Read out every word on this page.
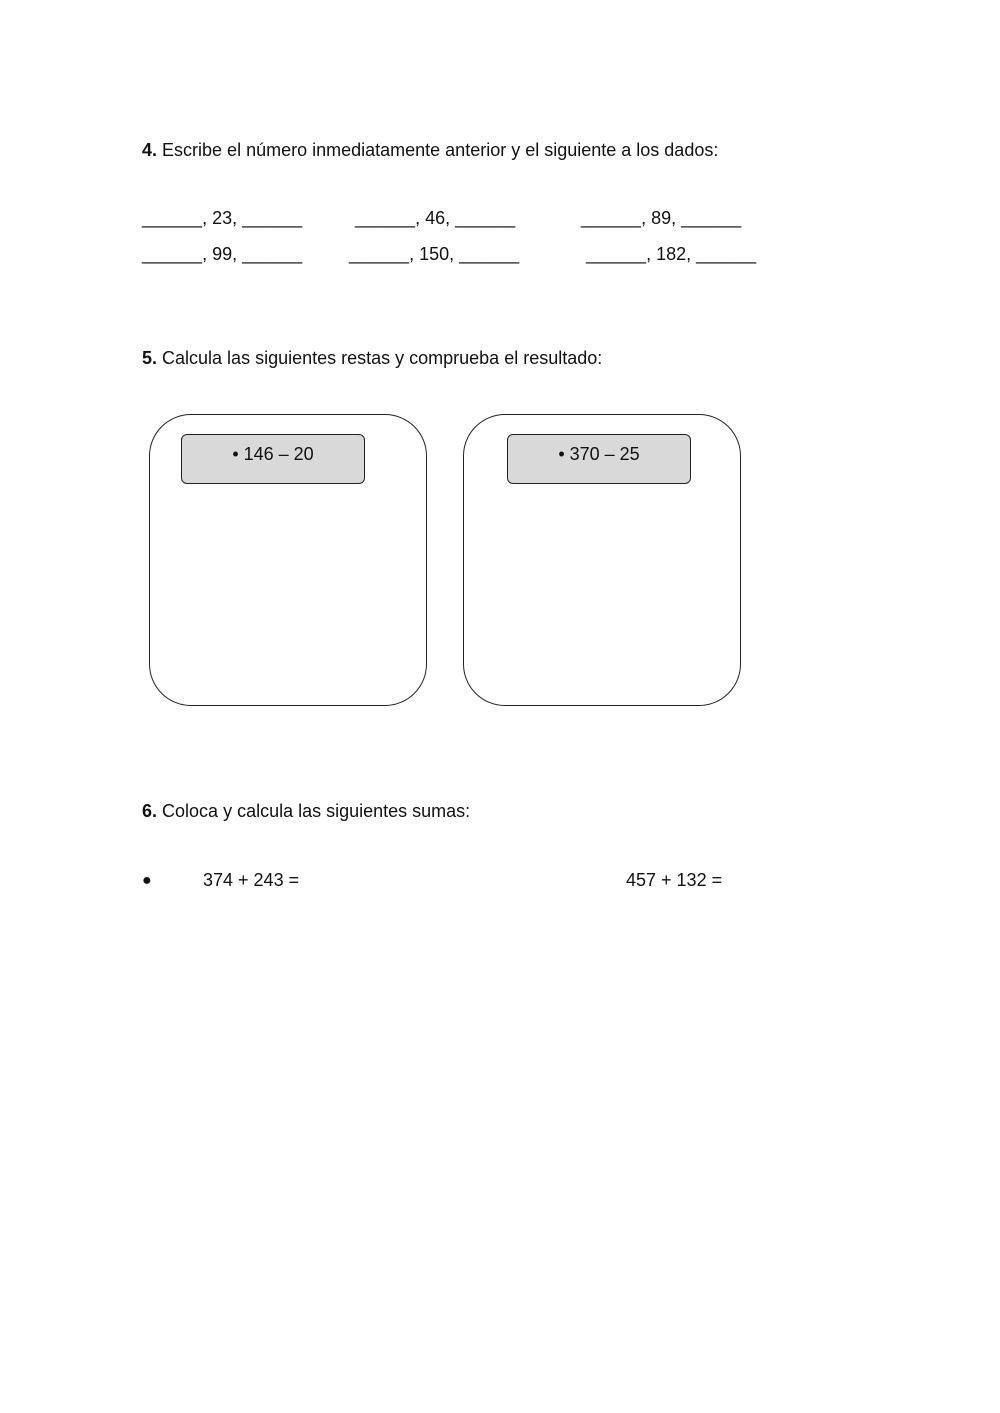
4. Escribe el número inmediatamente anterior y el siguiente a los dados:
______, 23, ______	______, 46, ______	______, 89, ______
______, 99, ______	______, 150, ______	______, 182, ______
5. Calcula las siguientes restas y comprueba el resultado:
• 146 – 20	• 370 – 25
6. Coloca y calcula las siguientes sumas:
●	374 + 243 =	457 + 132 =
